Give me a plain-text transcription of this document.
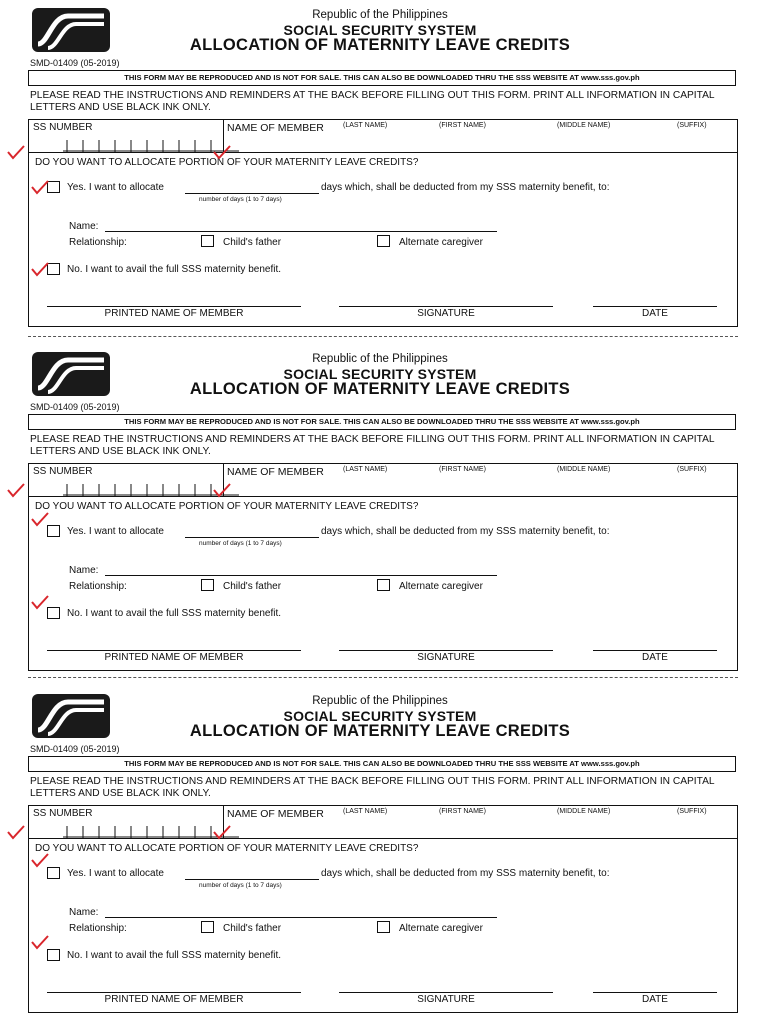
Republic of the Philippines
SOCIAL SECURITY SYSTEM
ALLOCATION OF MATERNITY LEAVE CREDITS
SMD-01409 (05-2019)
THIS FORM MAY BE REPRODUCED AND IS NOT FOR SALE. THIS CAN ALSO BE DOWNLOADED THRU THE SSS WEBSITE AT www.sss.gov.ph
PLEASE READ THE INSTRUCTIONS AND REMINDERS AT THE BACK BEFORE FILLING OUT THIS FORM. PRINT ALL INFORMATION IN CAPITAL LETTERS AND USE BLACK INK ONLY.
SS NUMBER	NAME OF MEMBER	(LAST NAME)	(FIRST NAME)	(MIDDLE NAME)	(SUFFIX)
DO YOU WANT TO ALLOCATE PORTION OF YOUR MATERNITY LEAVE CREDITS?
Yes. I want to allocate
number of days (1 to 7 days)
days which, shall be deducted from my SSS maternity benefit, to:
Name:
Relationship:	Child's father	Alternate caregiver
No. I want to avail the full SSS maternity benefit.
PRINTED NAME OF MEMBER	SIGNATURE	DATE
Republic of the Philippines
SOCIAL SECURITY SYSTEM
ALLOCATION OF MATERNITY LEAVE CREDITS
SMD-01409 (05-2019)
THIS FORM MAY BE REPRODUCED AND IS NOT FOR SALE. THIS CAN ALSO BE DOWNLOADED THRU THE SSS WEBSITE AT www.sss.gov.ph
PLEASE READ THE INSTRUCTIONS AND REMINDERS AT THE BACK BEFORE FILLING OUT THIS FORM. PRINT ALL INFORMATION IN CAPITAL LETTERS AND USE BLACK INK ONLY.
SS NUMBER	NAME OF MEMBER	(LAST NAME)	(FIRST NAME)	(MIDDLE NAME)	(SUFFIX)
DO YOU WANT TO ALLOCATE PORTION OF YOUR MATERNITY LEAVE CREDITS?
Yes. I want to allocate
number of days (1 to 7 days)
days which, shall be deducted from my SSS maternity benefit, to:
Name:
Relationship:	Child's father	Alternate caregiver
No. I want to avail the full SSS maternity benefit.
PRINTED NAME OF MEMBER	SIGNATURE	DATE
Republic of the Philippines
SOCIAL SECURITY SYSTEM
ALLOCATION OF MATERNITY LEAVE CREDITS
SMD-01409 (05-2019)
THIS FORM MAY BE REPRODUCED AND IS NOT FOR SALE. THIS CAN ALSO BE DOWNLOADED THRU THE SSS WEBSITE AT www.sss.gov.ph
PLEASE READ THE INSTRUCTIONS AND REMINDERS AT THE BACK BEFORE FILLING OUT THIS FORM. PRINT ALL INFORMATION IN CAPITAL LETTERS AND USE BLACK INK ONLY.
SS NUMBER	NAME OF MEMBER	(LAST NAME)	(FIRST NAME)	(MIDDLE NAME)	(SUFFIX)
DO YOU WANT TO ALLOCATE PORTION OF YOUR MATERNITY LEAVE CREDITS?
Yes. I want to allocate
number of days (1 to 7 days)
days which, shall be deducted from my SSS maternity benefit, to:
Name:
Relationship:	Child's father	Alternate caregiver
No. I want to avail the full SSS maternity benefit.
PRINTED NAME OF MEMBER	SIGNATURE	DATE
